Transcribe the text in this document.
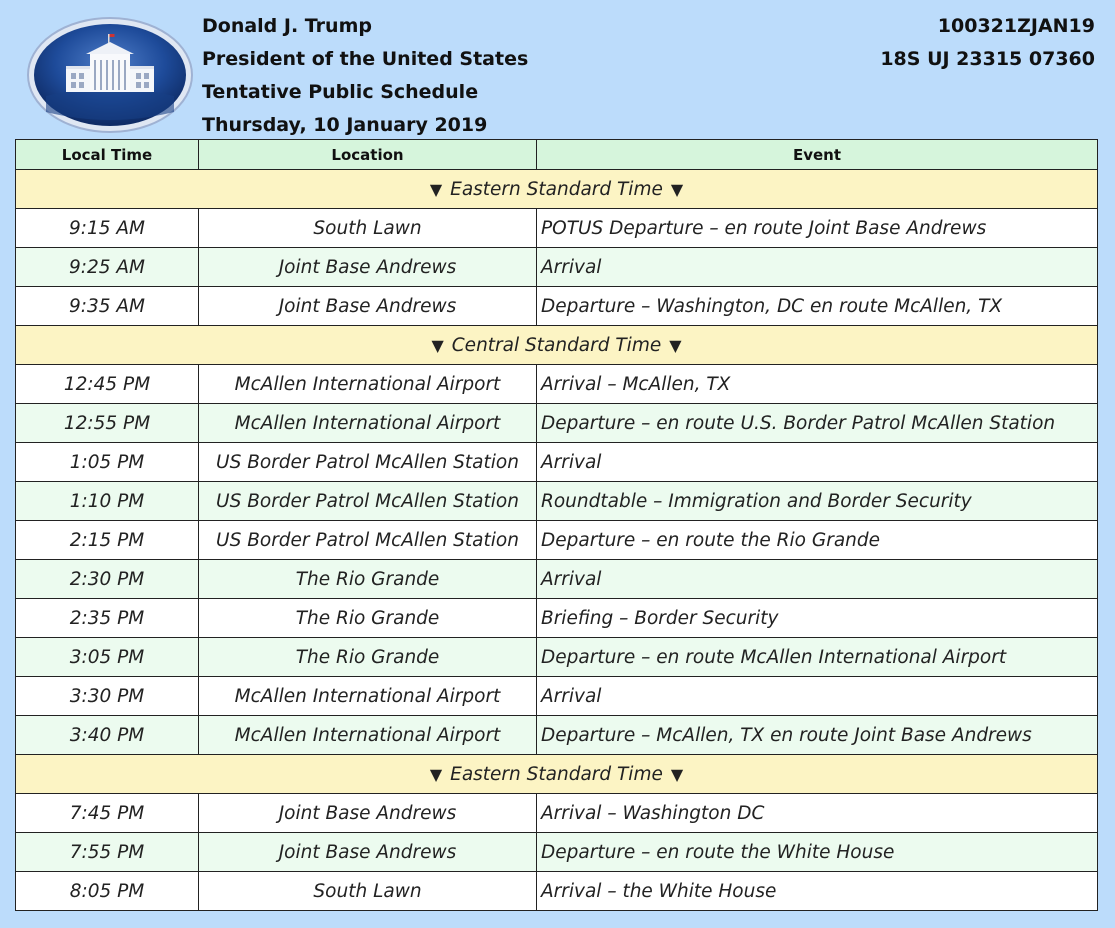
Donald J. Trump
President of the United States
Tentative Public Schedule
Thursday, 10 January 2019
100321ZJAN19
18S UJ 23315 07360
Local Time	Location	Event
▼ Eastern Standard Time ▼		
9:15 AM	South Lawn	POTUS Departure – en route Joint Base Andrews
9:25 AM	Joint Base Andrews	Arrival
9:35 AM	Joint Base Andrews	Departure – Washington, DC en route McAllen, TX
▼ Central Standard Time ▼		
12:45 PM	McAllen International Airport	Arrival – McAllen, TX
12:55 PM	McAllen International Airport	Departure – en route U.S. Border Patrol McAllen Station
1:05 PM	US Border Patrol McAllen Station	Arrival
1:10 PM	US Border Patrol McAllen Station	Roundtable – Immigration and Border Security
2:15 PM	US Border Patrol McAllen Station	Departure – en route the Rio Grande
2:30 PM	The Rio Grande	Arrival
2:35 PM	The Rio Grande	Briefing – Border Security
3:05 PM	The Rio Grande	Departure – en route McAllen International Airport
3:30 PM	McAllen International Airport	Arrival
3:40 PM	McAllen International Airport	Departure – McAllen, TX en route Joint Base Andrews
▼ Eastern Standard Time ▼		
7:45 PM	Joint Base Andrews	Arrival – Washington DC
7:55 PM	Joint Base Andrews	Departure – en route the White House
8:05 PM	South Lawn	Arrival – the White House
